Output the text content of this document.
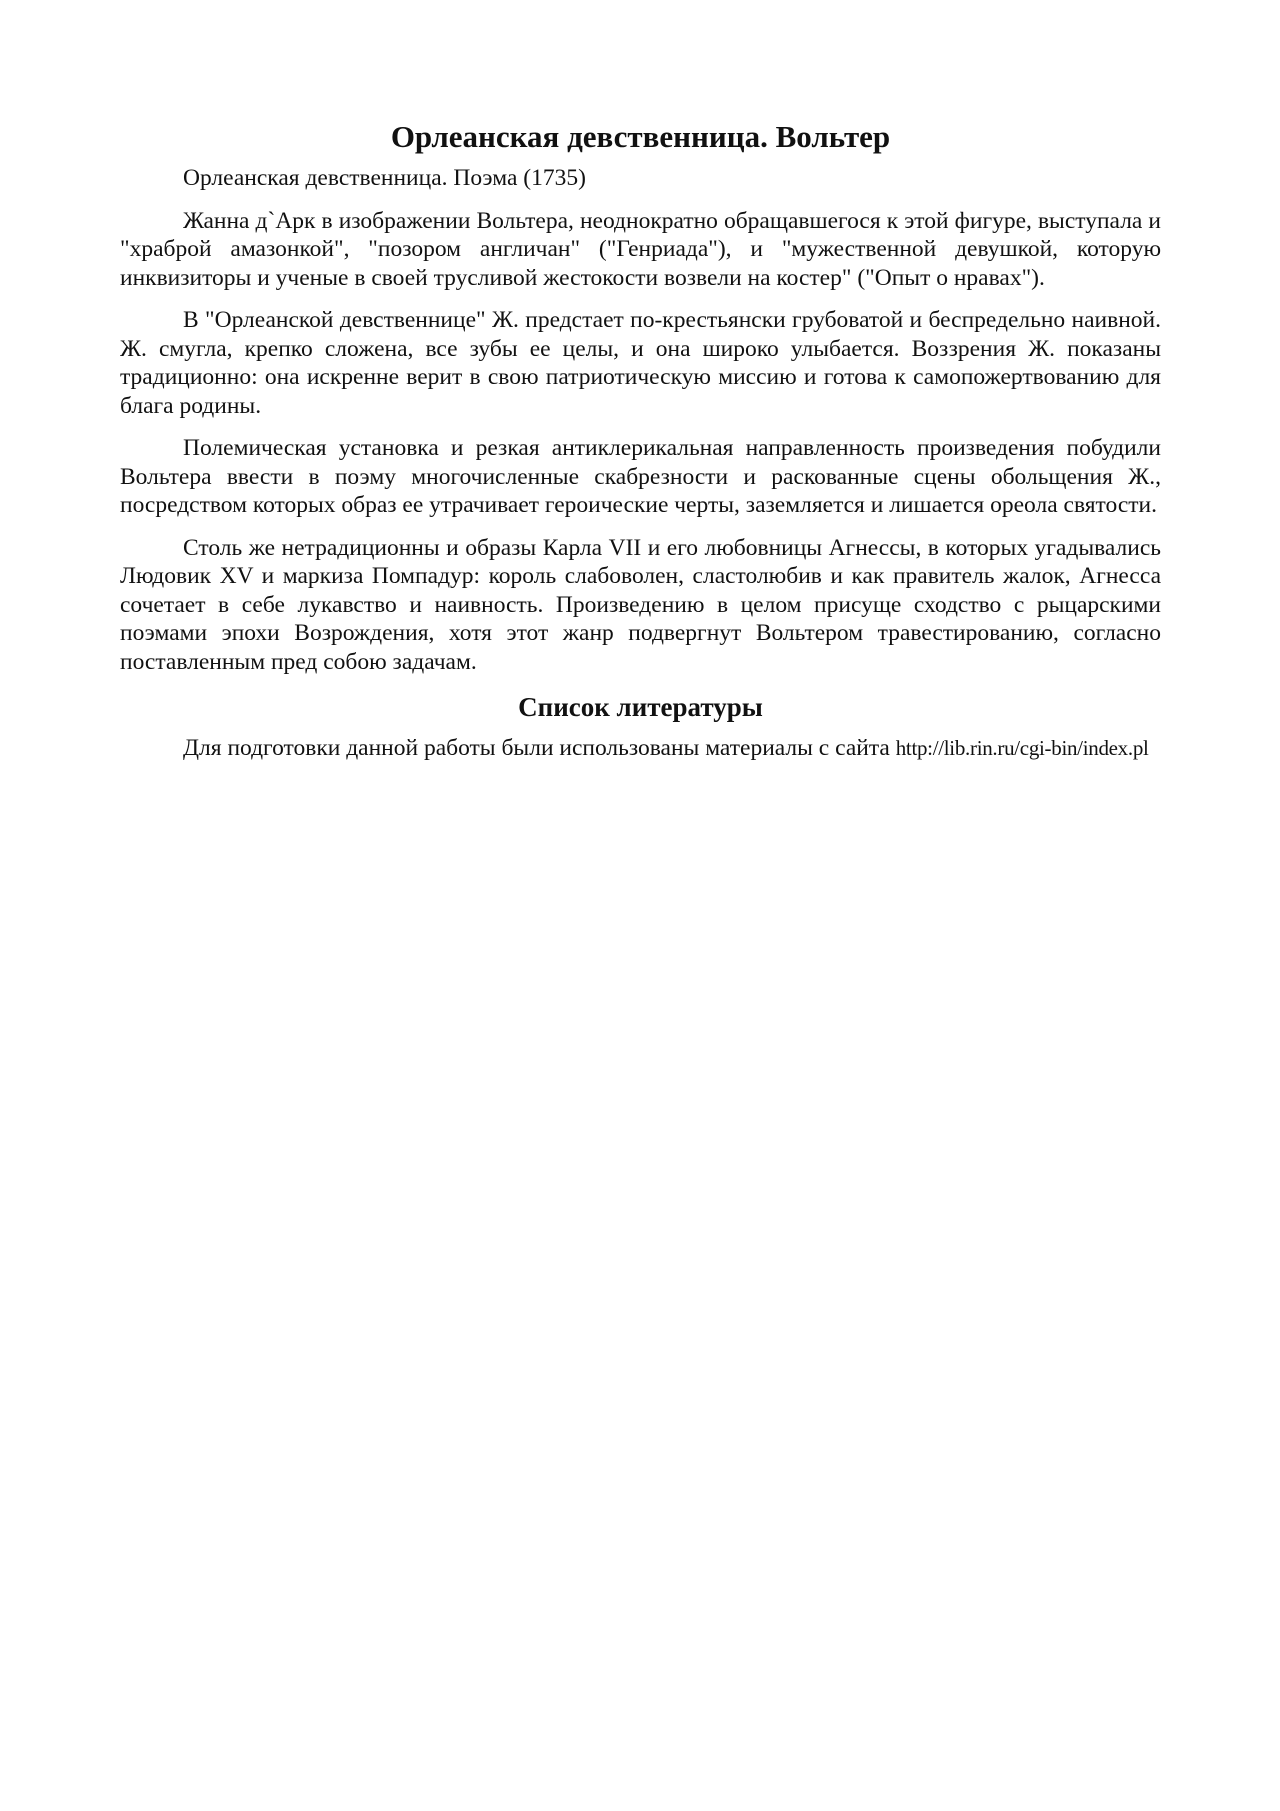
Орлеанская девственница. Вольтер

Орлеанская девственница. Поэма (1735)

Жанна д`Арк в изображении Вольтера, неоднократно обращавшегося к этой фигуре, выступала и "храброй амазонкой", "позором англичан" ("Генриада"), и "мужественной девушкой, которую инквизиторы и ученые в своей трусливой жестокости возвели на костер" ("Опыт о нравах").

В "Орлеанской девственнице" Ж. предстает по-крестьянски грубоватой и беспредельно наивной. Ж. смугла, крепко сложена, все зубы ее целы, и она широко улыбается. Воззрения Ж. показаны традиционно: она искренне верит в свою патриотическую миссию и готова к самопожертвованию для блага родины.

Полемическая установка и резкая антиклерикальная направленность произведения побудили Вольтера ввести в поэму многочисленные скабрезности и раскованные сцены обольщения Ж., посредством которых образ ее утрачивает героические черты, заземляется и лишается ореола святости.

Столь же нетрадиционны и образы Карла VII и его любовницы Агнессы, в которых угадывались Людовик XV и маркиза Помпадур: король слабоволен, сластолюбив и как правитель жалок, Агнесса сочетает в себе лукавство и наивность. Произведению в целом присуще сходство с рыцарскими поэмами эпохи Возрождения, хотя этот жанр подвергнут Вольтером травестированию, согласно поставленным пред собою задачам.

Список литературы

Для подготовки данной работы были использованы материалы с сайта http://lib.rin.ru/cgi-bin/index.pl
